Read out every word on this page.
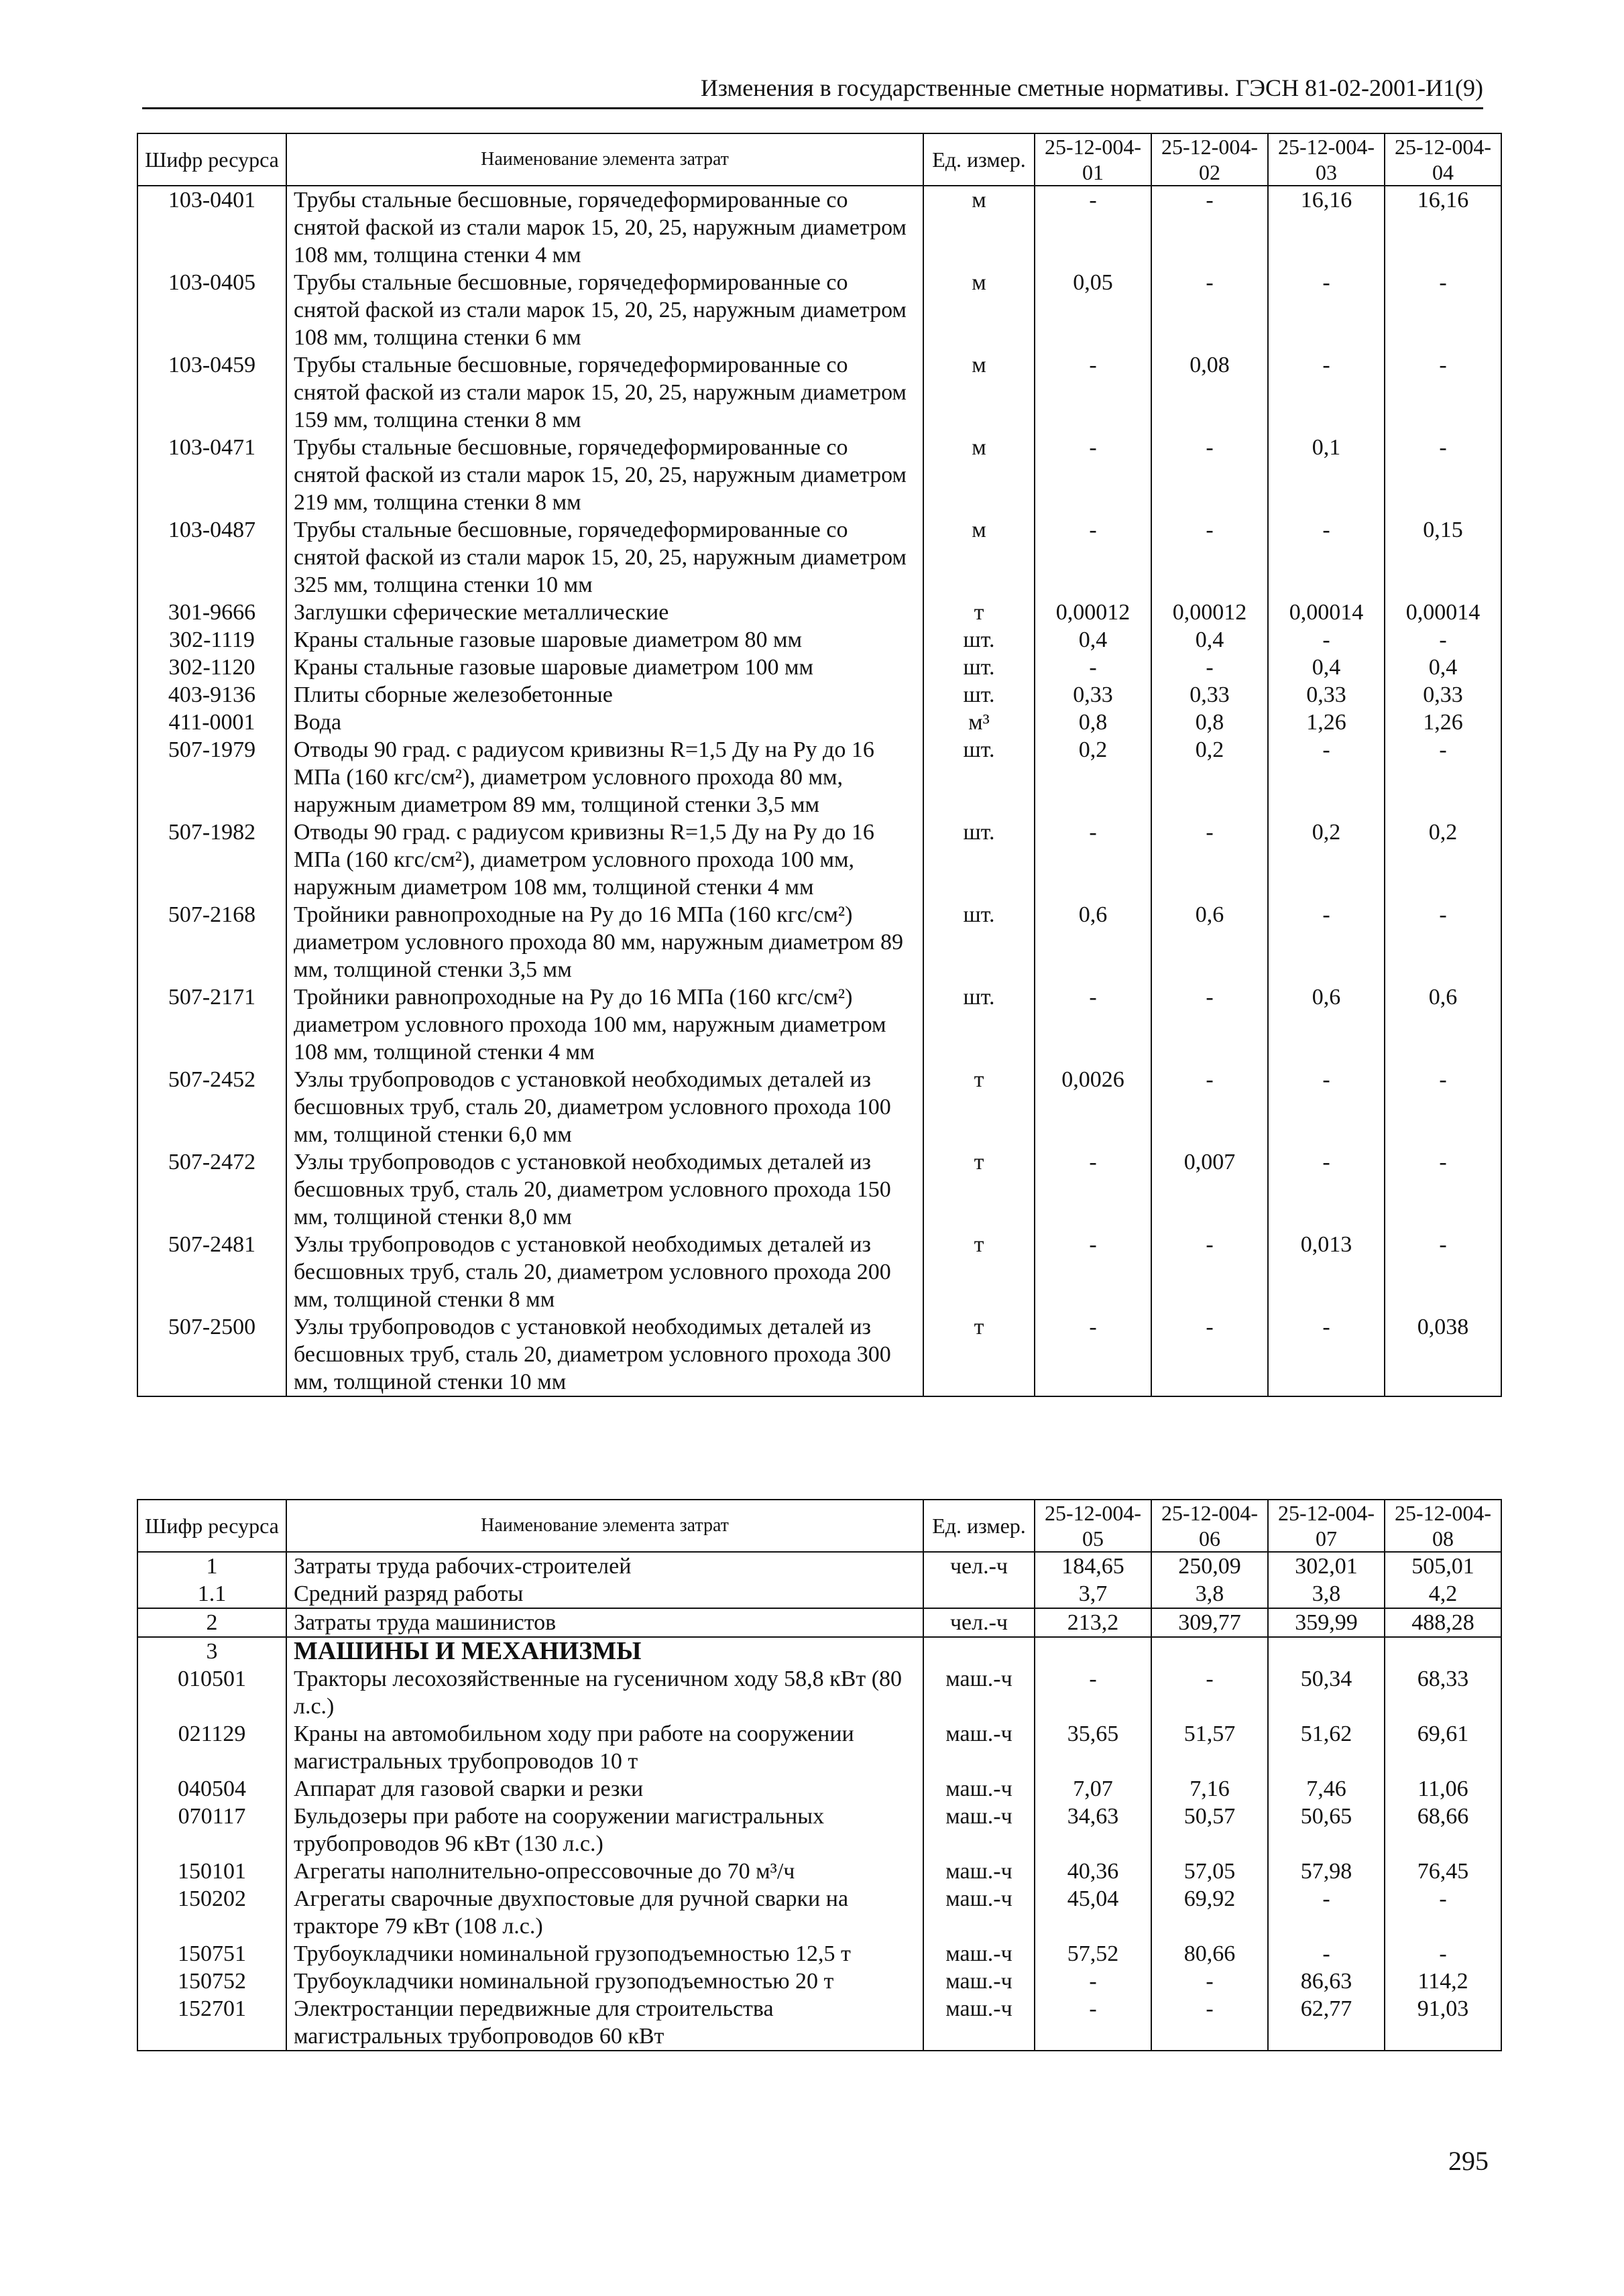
Изменения в государственные сметные нормативы. ГЭСН 81-02-2001-И1(9)
Шифр ресурса	Наименование элемента затрат	Ед. измер.	25-12-004-01	25-12-004-02	25-12-004-03	25-12-004-04
103-0401	Трубы стальные бесшовные, горячедеформированные со снятой фаской из стали марок 15, 20, 25, наружным диаметром 108 мм, толщина стенки 4 мм	м	-	-	16,16	16,16
103-0405	Трубы стальные бесшовные, горячедеформированные со снятой фаской из стали марок 15, 20, 25, наружным диаметром 108 мм, толщина стенки 6 мм	м	0,05	-	-	-
103-0459	Трубы стальные бесшовные, горячедеформированные со снятой фаской из стали марок 15, 20, 25, наружным диаметром 159 мм, толщина стенки 8 мм	м	-	0,08	-	-
103-0471	Трубы стальные бесшовные, горячедеформированные со снятой фаской из стали марок 15, 20, 25, наружным диаметром 219 мм, толщина стенки 8 мм	м	-	-	0,1	-
103-0487	Трубы стальные бесшовные, горячедеформированные со снятой фаской из стали марок 15, 20, 25, наружным диаметром 325 мм, толщина стенки 10 мм	м	-	-	-	0,15
301-9666	Заглушки сферические металлические	т	0,00012	0,00012	0,00014	0,00014
302-1119	Краны стальные газовые шаровые диаметром 80 мм	шт.	0,4	0,4	-	-
302-1120	Краны стальные газовые шаровые диаметром 100 мм	шт.	-	-	0,4	0,4
403-9136	Плиты сборные железобетонные	шт.	0,33	0,33	0,33	0,33
411-0001	Вода	м³	0,8	0,8	1,26	1,26
507-1979	Отводы 90 град. с радиусом кривизны R=1,5 Ду на Ру до 16 МПа (160 кгс/см²), диаметром условного прохода 80 мм, наружным диаметром 89 мм, толщиной стенки 3,5 мм	шт.	0,2	0,2	-	-
507-1982	Отводы 90 град. с радиусом кривизны R=1,5 Ду на Ру до 16 МПа (160 кгс/см²), диаметром условного прохода 100 мм, наружным диаметром 108 мм, толщиной стенки 4 мм	шт.	-	-	0,2	0,2
507-2168	Тройники равнопроходные на Ру до 16 МПа (160 кгс/см²) диаметром условного прохода 80 мм, наружным диаметром 89 мм, толщиной стенки 3,5 мм	шт.	0,6	0,6	-	-
507-2171	Тройники равнопроходные на Ру до 16 МПа (160 кгс/см²) диаметром условного прохода 100 мм, наружным диаметром 108 мм, толщиной стенки 4 мм	шт.	-	-	0,6	0,6
507-2452	Узлы трубопроводов с установкой необходимых деталей из бесшовных труб, сталь 20, диаметром условного прохода 100 мм, толщиной стенки 6,0 мм	т	0,0026	-	-	-
507-2472	Узлы трубопроводов с установкой необходимых деталей из бесшовных труб, сталь 20, диаметром условного прохода 150 мм, толщиной стенки 8,0 мм	т	-	0,007	-	-
507-2481	Узлы трубопроводов с установкой необходимых деталей из бесшовных труб, сталь 20, диаметром условного прохода 200 мм, толщиной стенки 8 мм	т	-	-	0,013	-
507-2500	Узлы трубопроводов с установкой необходимых деталей из бесшовных труб, сталь 20, диаметром условного прохода 300 мм, толщиной стенки 10 мм	т	-	-	-	0,038
Шифр ресурса	Наименование элемента затрат	Ед. измер.	25-12-004-05	25-12-004-06	25-12-004-07	25-12-004-08
1	Затраты труда рабочих-строителей	чел.-ч	184,65	250,09	302,01	505,01
1.1	Средний разряд работы		3,7	3,8	3,8	4,2
2	Затраты труда машинистов	чел.-ч	213,2	309,77	359,99	488,28
3	МАШИНЫ И МЕХАНИЗМЫ					
010501	Тракторы лесохозяйственные на гусеничном ходу 58,8 кВт (80 л.с.)	маш.-ч	-	-	50,34	68,33
021129	Краны на автомобильном ходу при работе на сооружении магистральных трубопроводов 10 т	маш.-ч	35,65	51,57	51,62	69,61
040504	Аппарат для газовой сварки и резки	маш.-ч	7,07	7,16	7,46	11,06
070117	Бульдозеры при работе на сооружении магистральных трубопроводов 96 кВт (130 л.с.)	маш.-ч	34,63	50,57	50,65	68,66
150101	Агрегаты наполнительно-опрессовочные до 70 м³/ч	маш.-ч	40,36	57,05	57,98	76,45
150202	Агрегаты сварочные двухпостовые для ручной сварки на тракторе 79 кВт (108 л.с.)	маш.-ч	45,04	69,92	-	-
150751	Трубоукладчики номинальной грузоподъемностью 12,5 т	маш.-ч	57,52	80,66	-	-
150752	Трубоукладчики номинальной грузоподъемностью 20 т	маш.-ч	-	-	86,63	114,2
152701	Электростанции передвижные для строительства магистральных трубопроводов 60 кВт	маш.-ч	-	-	62,77	91,03
295
